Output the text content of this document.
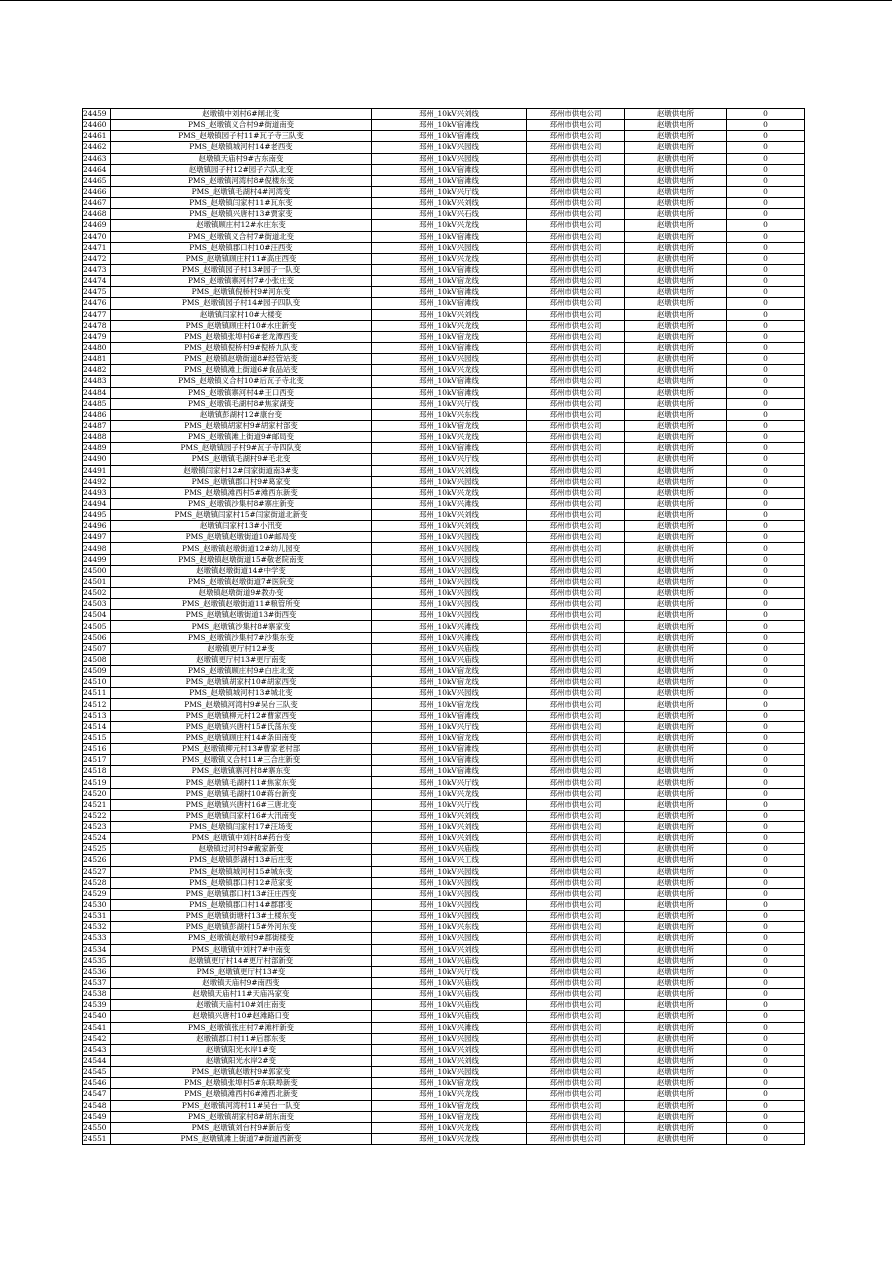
24459	赵墩镇中刘村6#闸北变	邳州_10kV兴刘线	邳州市供电公司	赵墩供电所	0
24460	PMS_赵墩镇义合村9#街道南变	邳州_10kV宿滩线	邳州市供电公司	赵墩供电所	0
24461	PMS_赵墩镇园子村11#瓦子寺三队变	邳州_10kV宿滩线	邳州市供电公司	赵墩供电所	0
24462	PMS_赵墩镇城河村14#老西变	邳州_10kV兴园线	邳州市供电公司	赵墩供电所	0
24463	赵墩镇天庙村9#古东南变	邳州_10kV兴园线	邳州市供电公司	赵墩供电所	0
24464	赵墩镇园子村12#园子六队北变	邳州_10kV宿滩线	邳州市供电公司	赵墩供电所	0
24465	PMS_赵墩镇河湾村8#倪楼东变	邳州_10kV宿滩线	邳州市供电公司	赵墩供电所	0
24466	PMS_赵墩镇毛湖村4#河湾变	邳州_10kV兴厅线	邳州市供电公司	赵墩供电所	0
24467	PMS_赵墩镇闫家村11#瓦东变	邳州_10kV兴刘线	邳州市供电公司	赵墩供电所	0
24468	PMS_赵墩镇兴唐村13#贾家变	邳州_10kV兴石线	邳州市供电公司	赵墩供电所	0
24469	赵墩镇顾庄村12#水庄东变	邳州_10kV兴龙线	邳州市供电公司	赵墩供电所	0
24470	PMS_赵墩镇义合村7#街道北变	邳州_10kV宿滩线	邳州市供电公司	赵墩供电所	0
24471	PMS_赵墩镇郡口村10#汪西变	邳州_10kV兴园线	邳州市供电公司	赵墩供电所	0
24472	PMS_赵墩镇顾庄村11#高庄西变	邳州_10kV兴龙线	邳州市供电公司	赵墩供电所	0
24473	PMS_赵墩镇园子村13#园子一队变	邳州_10kV宿滩线	邳州市供电公司	赵墩供电所	0
24474	PMS_赵墩镇寨河村7#小张庄变	邳州_10kV宿龙线	邳州市供电公司	赵墩供电所	0
24475	PMS_赵墩镇倪桥村9#河东变	邳州_10kV宿滩线	邳州市供电公司	赵墩供电所	0
24476	PMS_赵墩镇园子村14#园子四队变	邳州_10kV宿滩线	邳州市供电公司	赵墩供电所	0
24477	赵墩镇闫家村10#大楼变	邳州_10kV兴刘线	邳州市供电公司	赵墩供电所	0
24478	PMS_赵墩镇顾庄村10#水庄新变	邳州_10kV兴龙线	邳州市供电公司	赵墩供电所	0
24479	PMS_赵墩镇张埠村6#老龙潭西变	邳州_10kV宿龙线	邳州市供电公司	赵墩供电所	0
24480	PMS_赵墩镇倪桥村9#倪桥九队变	邳州_10kV宿滩线	邳州市供电公司	赵墩供电所	0
24481	PMS_赵墩镇赵墩街道8#经管站变	邳州_10kV兴园线	邳州市供电公司	赵墩供电所	0
24482	PMS_赵墩镇滩上街道6#食品站变	邳州_10kV兴龙线	邳州市供电公司	赵墩供电所	0
24483	PMS_赵墩镇义合村10#后瓦子寺北变	邳州_10kV宿滩线	邳州市供电公司	赵墩供电所	0
24484	PMS_赵墩镇寨河村4#王口西变	邳州_10kV宿滩线	邳州市供电公司	赵墩供电所	0
24485	PMS_赵墩镇毛湖村8#焦家湖变	邳州_10kV兴厅线	邳州市供电公司	赵墩供电所	0
24486	赵墩镇彭湖村12#康台变	邳州_10kV兴东线	邳州市供电公司	赵墩供电所	0
24487	PMS_赵墩镇胡家村9#胡家村部变	邳州_10kV宿龙线	邳州市供电公司	赵墩供电所	0
24488	PMS_赵墩镇滩上街道9#邮局变	邳州_10kV兴龙线	邳州市供电公司	赵墩供电所	0
24489	PMS_赵墩镇园子村9#瓦子寺四队变	邳州_10kV宿滩线	邳州市供电公司	赵墩供电所	0
24490	PMS_赵墩镇毛湖村9#毛北变	邳州_10kV兴厅线	邳州市供电公司	赵墩供电所	0
24491	赵墩镇闫家村12#闫家街道南3#变	邳州_10kV兴刘线	邳州市供电公司	赵墩供电所	0
24492	PMS_赵墩镇郡口村9#葛家变	邳州_10kV兴园线	邳州市供电公司	赵墩供电所	0
24493	PMS_赵墩镇滩西村5#滩西东新变	邳州_10kV兴龙线	邳州市供电公司	赵墩供电所	0
24494	PMS_赵墩镇沙集村8#寨庄新变	邳州_10kV兴滩线	邳州市供电公司	赵墩供电所	0
24495	PMS_赵墩镇闫家村15#闫家街道北新变	邳州_10kV兴刘线	邳州市供电公司	赵墩供电所	0
24496	赵墩镇闫家村13#小汛变	邳州_10kV兴刘线	邳州市供电公司	赵墩供电所	0
24497	PMS_赵墩镇赵墩街道10#邮局变	邳州_10kV兴园线	邳州市供电公司	赵墩供电所	0
24498	PMS_赵墩镇赵墩街道12#幼儿园变	邳州_10kV兴园线	邳州市供电公司	赵墩供电所	0
24499	PMS_赵墩镇赵墩街道15#敬老院南变	邳州_10kV兴园线	邳州市供电公司	赵墩供电所	0
24500	赵墩镇赵墩街道14#中学变	邳州_10kV兴园线	邳州市供电公司	赵墩供电所	0
24501	PMS_赵墩镇赵墩街道7#医院变	邳州_10kV兴园线	邳州市供电公司	赵墩供电所	0
24502	赵墩镇赵墩街道9#教办变	邳州_10kV兴园线	邳州市供电公司	赵墩供电所	0
24503	PMS_赵墩镇赵墩街道11#粮管所变	邳州_10kV兴园线	邳州市供电公司	赵墩供电所	0
24504	PMS_赵墩镇赵墩街道13#街西变	邳州_10kV兴园线	邳州市供电公司	赵墩供电所	0
24505	PMS_赵墩镇沙集村8#寨家变	邳州_10kV兴滩线	邳州市供电公司	赵墩供电所	0
24506	PMS_赵墩镇沙集村7#沙集东变	邳州_10kV兴滩线	邳州市供电公司	赵墩供电所	0
24507	赵墩镇更厅村12#变	邳州_10kV兴庙线	邳州市供电公司	赵墩供电所	0
24508	赵墩镇更厅村13#更厅南变	邳州_10kV兴庙线	邳州市供电公司	赵墩供电所	0
24509	PMS_赵墩镇顾庄村9#白庄北变	邳州_10kV宿龙线	邳州市供电公司	赵墩供电所	0
24510	PMS_赵墩镇胡家村10#胡家西变	邳州_10kV宿龙线	邳州市供电公司	赵墩供电所	0
24511	PMS_赵墩镇城河村13#城北变	邳州_10kV兴园线	邳州市供电公司	赵墩供电所	0
24512	PMS_赵墩镇河湾村9#吴台三队变	邳州_10kV宿龙线	邳州市供电公司	赵墩供电所	0
24513	PMS_赵墩镇柳元村12#曹家西变	邳州_10kV宿滩线	邳州市供电公司	赵墩供电所	0
24514	PMS_赵墩镇兴唐村15#氏荡东变	邳州_10kV兴厅线	邳州市供电公司	赵墩供电所	0
24515	PMS_赵墩镇顾庄村14#条田南变	邳州_10kV宿龙线	邳州市供电公司	赵墩供电所	0
24516	PMS_赵墩镇柳元村13#曹家老村部	邳州_10kV宿滩线	邳州市供电公司	赵墩供电所	0
24517	PMS_赵墩镇义合村11#三合庄新变	邳州_10kV宿滩线	邳州市供电公司	赵墩供电所	0
24518	PMS_赵墩镇寨河村8#寨东变	邳州_10kV宿滩线	邳州市供电公司	赵墩供电所	0
24519	PMS_赵墩镇毛湖村11#焦家东变	邳州_10kV兴厅线	邳州市供电公司	赵墩供电所	0
24520	PMS_赵墩镇毛湖村10#蒋台新变	邳州_10kV兴龙线	邳州市供电公司	赵墩供电所	0
24521	PMS_赵墩镇兴唐村16#三唐北变	邳州_10kV兴厅线	邳州市供电公司	赵墩供电所	0
24522	PMS_赵墩镇闫家村16#大汛南变	邳州_10kV兴刘线	邳州市供电公司	赵墩供电所	0
24523	PMS_赵墩镇闫家村17#汪场变	邳州_10kV兴刘线	邳州市供电公司	赵墩供电所	0
24524	PMS_赵墩镇中刘村8#药台变	邳州_10kV兴刘线	邳州市供电公司	赵墩供电所	0
24525	赵墩镇过河村9#戴家新变	邳州_10kV兴庙线	邳州市供电公司	赵墩供电所	0
24526	PMS_赵墩镇彭湖村13#后庄变	邳州_10kV兴工线	邳州市供电公司	赵墩供电所	0
24527	PMS_赵墩镇城河村15#城东变	邳州_10kV兴园线	邳州市供电公司	赵墩供电所	0
24528	PMS_赵墩镇郡口村12#范家变	邳州_10kV兴园线	邳州市供电公司	赵墩供电所	0
24529	PMS_赵墩镇郡口村13#汪庄西变	邳州_10kV兴园线	邳州市供电公司	赵墩供电所	0
24530	PMS_赵墩镇郡口村14#郡郡变	邳州_10kV兴园线	邳州市供电公司	赵墩供电所	0
24531	PMS_赵墩镇街塘村13#土楼东变	邳州_10kV兴园线	邳州市供电公司	赵墩供电所	0
24532	PMS_赵墩镇彭湖村15#外河东变	邳州_10kV兴东线	邳州市供电公司	赵墩供电所	0
24533	PMS_赵墩镇赵墩村9#郡街楼变	邳州_10kV兴园线	邳州市供电公司	赵墩供电所	0
24534	PMS_赵墩镇中刘村7#中南变	邳州_10kV兴刘线	邳州市供电公司	赵墩供电所	0
24535	赵墩镇更厅村14#更厅村部新变	邳州_10kV兴庙线	邳州市供电公司	赵墩供电所	0
24536	PMS_赵墩镇更厅村13#变	邳州_10kV兴厅线	邳州市供电公司	赵墩供电所	0
24537	赵墩镇天庙村9#南西变	邳州_10kV兴庙线	邳州市供电公司	赵墩供电所	0
24538	赵墩镇天庙村11#天庙冯家变	邳州_10kV兴庙线	邳州市供电公司	赵墩供电所	0
24539	赵墩镇天庙村10#刘庄南变	邳州_10kV兴庙线	邳州市供电公司	赵墩供电所	0
24540	赵墩镇兴唐村10#赵滩路口变	邳州_10kV兴庙线	邳州市供电公司	赵墩供电所	0
24541	PMS_赵墩镇张庄村7#滩杆新变	邳州_10kV兴滩线	邳州市供电公司	赵墩供电所	0
24542	赵墩镇郡口村11#后郡东变	邳州_10kV兴园线	邳州市供电公司	赵墩供电所	0
24543	赵墩镇阳光水岸1#变	邳州_10kV兴刘线	邳州市供电公司	赵墩供电所	0
24544	赵墩镇阳光水岸2#变	邳州_10kV兴刘线	邳州市供电公司	赵墩供电所	0
24545	PMS_赵墩镇赵墩村9#郭家变	邳州_10kV兴园线	邳州市供电公司	赵墩供电所	0
24546	PMS_赵墩镇张埠村5#东联埠新变	邳州_10kV宿龙线	邳州市供电公司	赵墩供电所	0
24547	PMS_赵墩镇滩西村6#滩西北新变	邳州_10kV兴龙线	邳州市供电公司	赵墩供电所	0
24548	PMS_赵墩镇河湾村11#吴台一队变	邳州_10kV宿龙线	邳州市供电公司	赵墩供电所	0
24549	PMS_赵墩镇胡家村8#胡东南变	邳州_10kV宿龙线	邳州市供电公司	赵墩供电所	0
24550	PMS_赵墩镇刘台村9#新后变	邳州_10kV兴龙线	邳州市供电公司	赵墩供电所	0
24551	PMS_赵墩镇滩上街道7#街道西新变	邳州_10kV兴龙线	邳州市供电公司	赵墩供电所	0
